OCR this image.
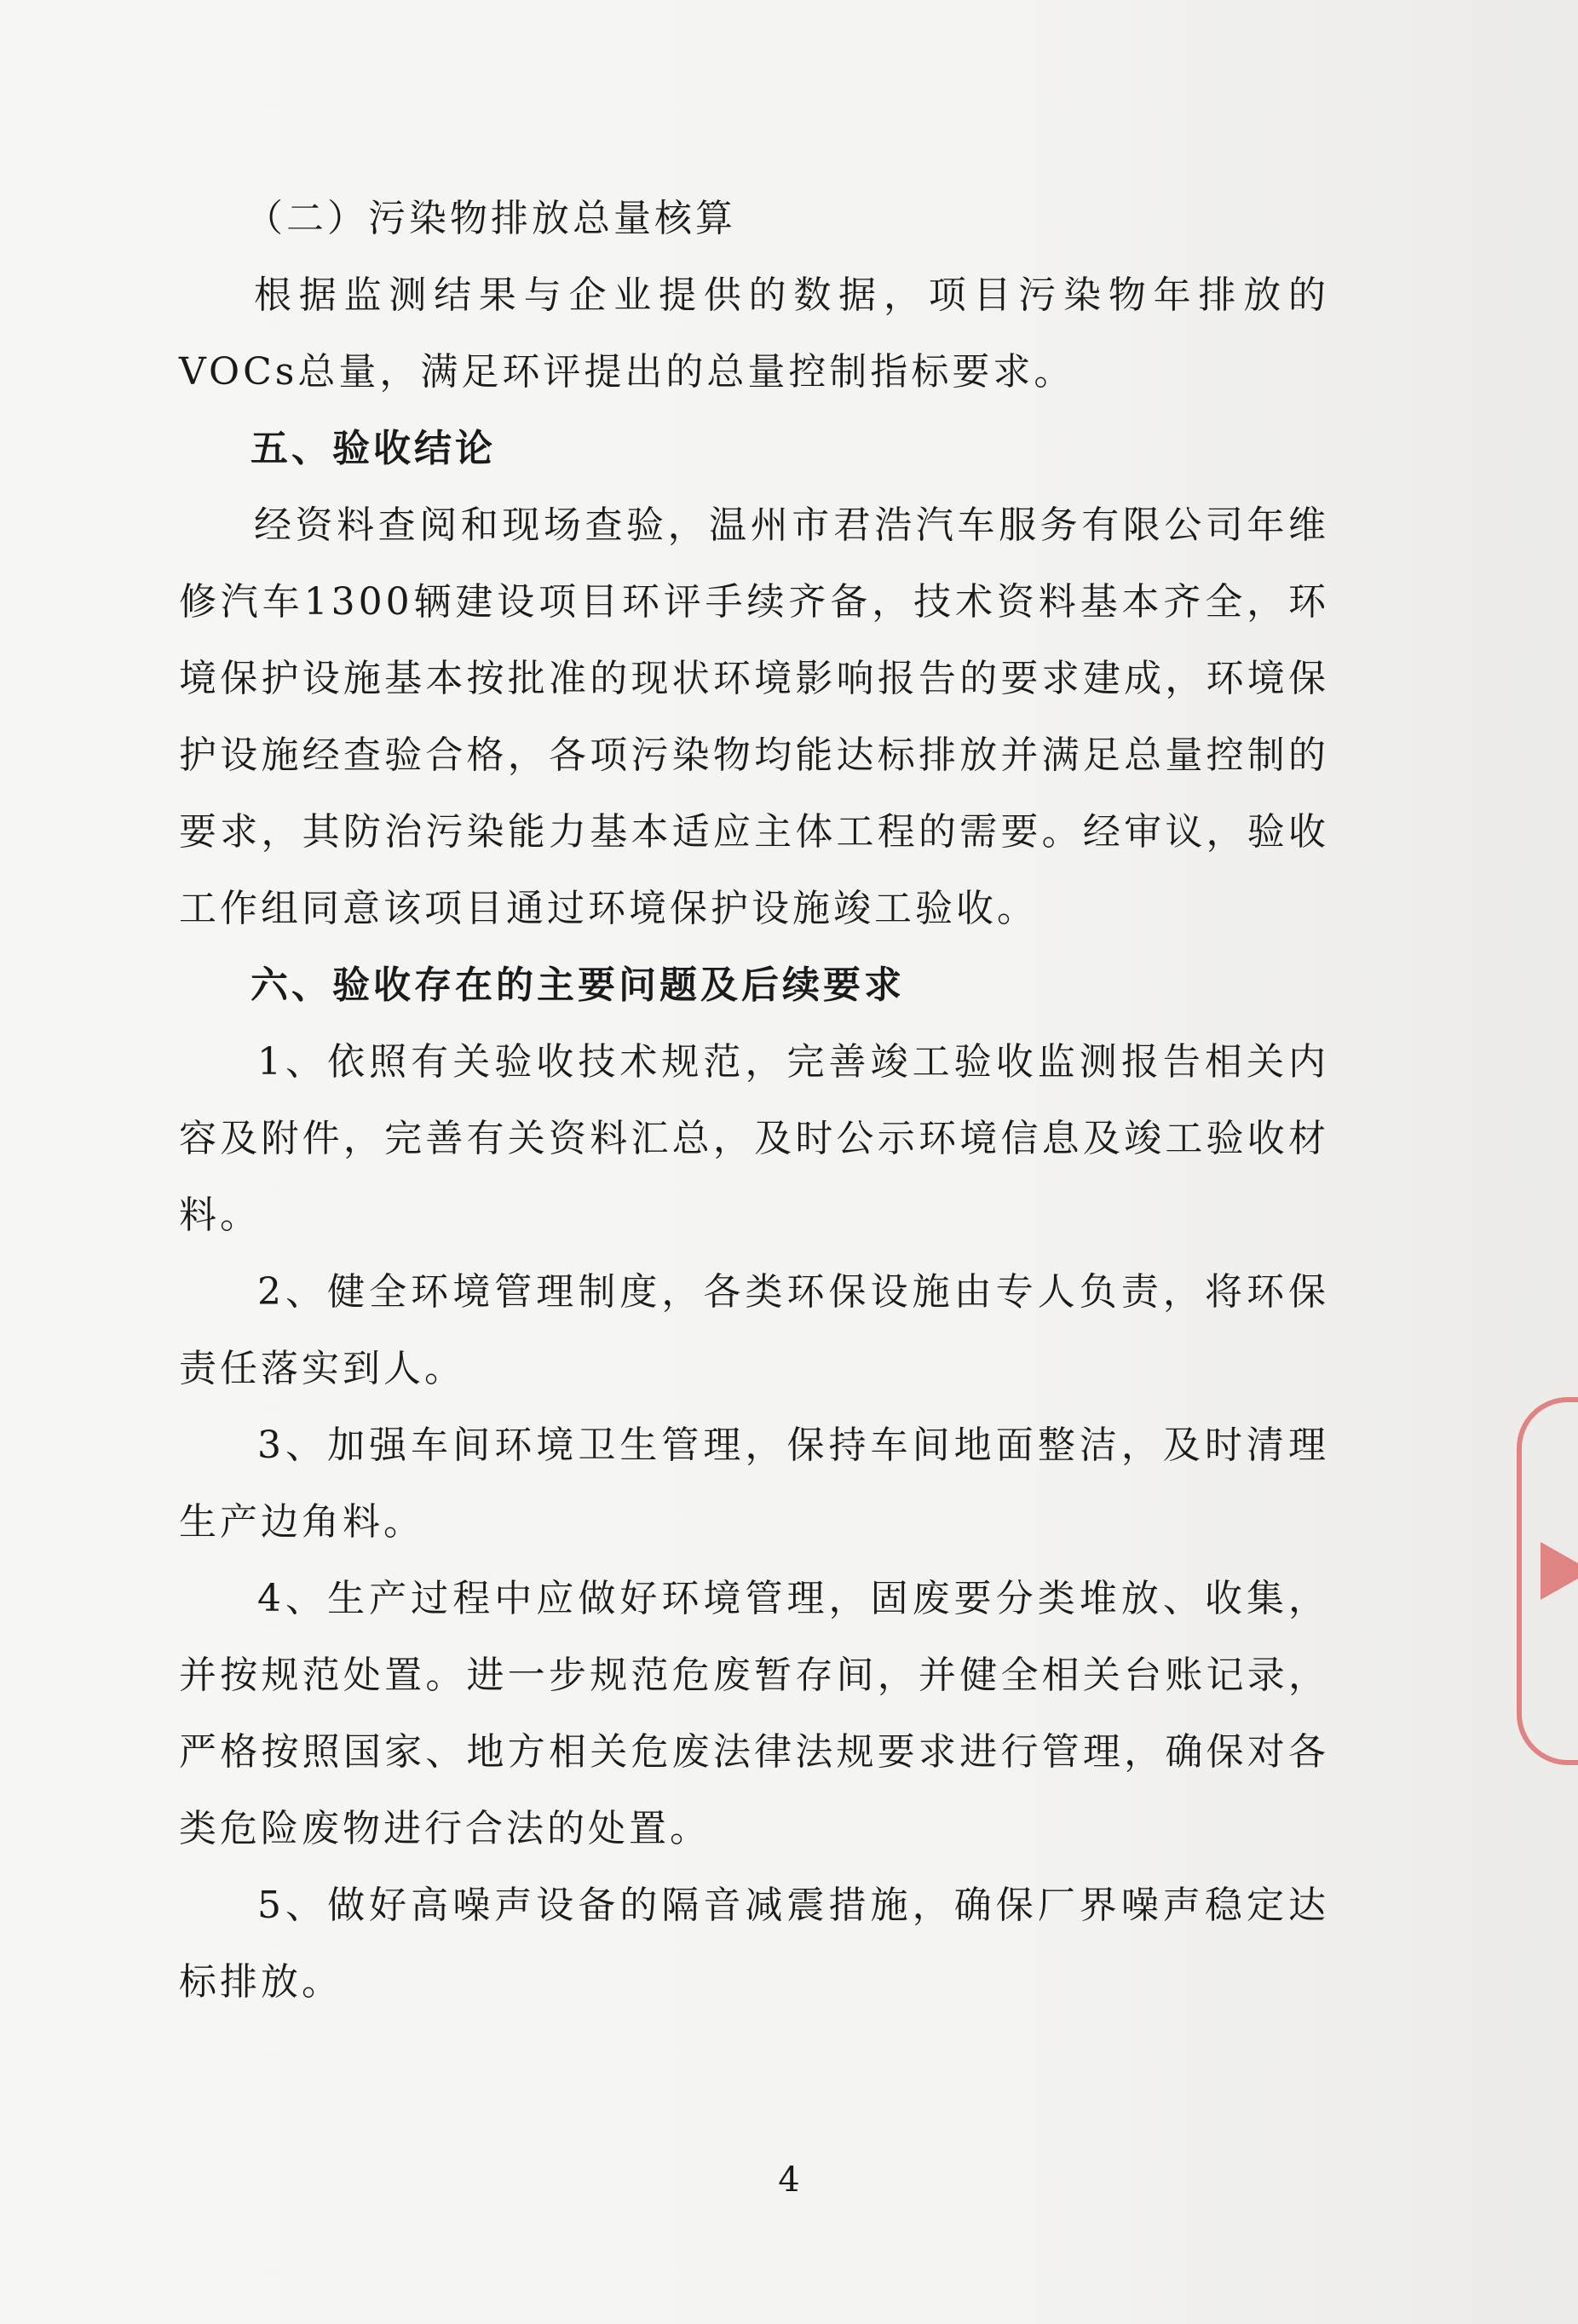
（二）污染物排放总量核算

根据监测结果与企业提供的数据，项目污染物年排放的VOCs总量，满足环评提出的总量控制指标要求。

五、验收结论

经资料查阅和现场查验，温州市君浩汽车服务有限公司年维修汽车1300辆建设项目环评手续齐备，技术资料基本齐全，环境保护设施基本按批准的现状环境影响报告的要求建成，环境保护设施经查验合格，各项污染物均能达标排放并满足总量控制的要求，其防治污染能力基本适应主体工程的需要。经审议，验收工作组同意该项目通过环境保护设施竣工验收。

六、验收存在的主要问题及后续要求

1、依照有关验收技术规范，完善竣工验收监测报告相关内容及附件，完善有关资料汇总，及时公示环境信息及竣工验收材料。

2、健全环境管理制度，各类环保设施由专人负责，将环保责任落实到人。

3、加强车间环境卫生管理，保持车间地面整洁，及时清理生产边角料。

4、生产过程中应做好环境管理，固废要分类堆放、收集，并按规范处置。进一步规范危废暂存间，并健全相关台账记录，严格按照国家、地方相关危废法律法规要求进行管理，确保对各类危险废物进行合法的处置。

5、做好高噪声设备的隔音减震措施，确保厂界噪声稳定达标排放。

4
